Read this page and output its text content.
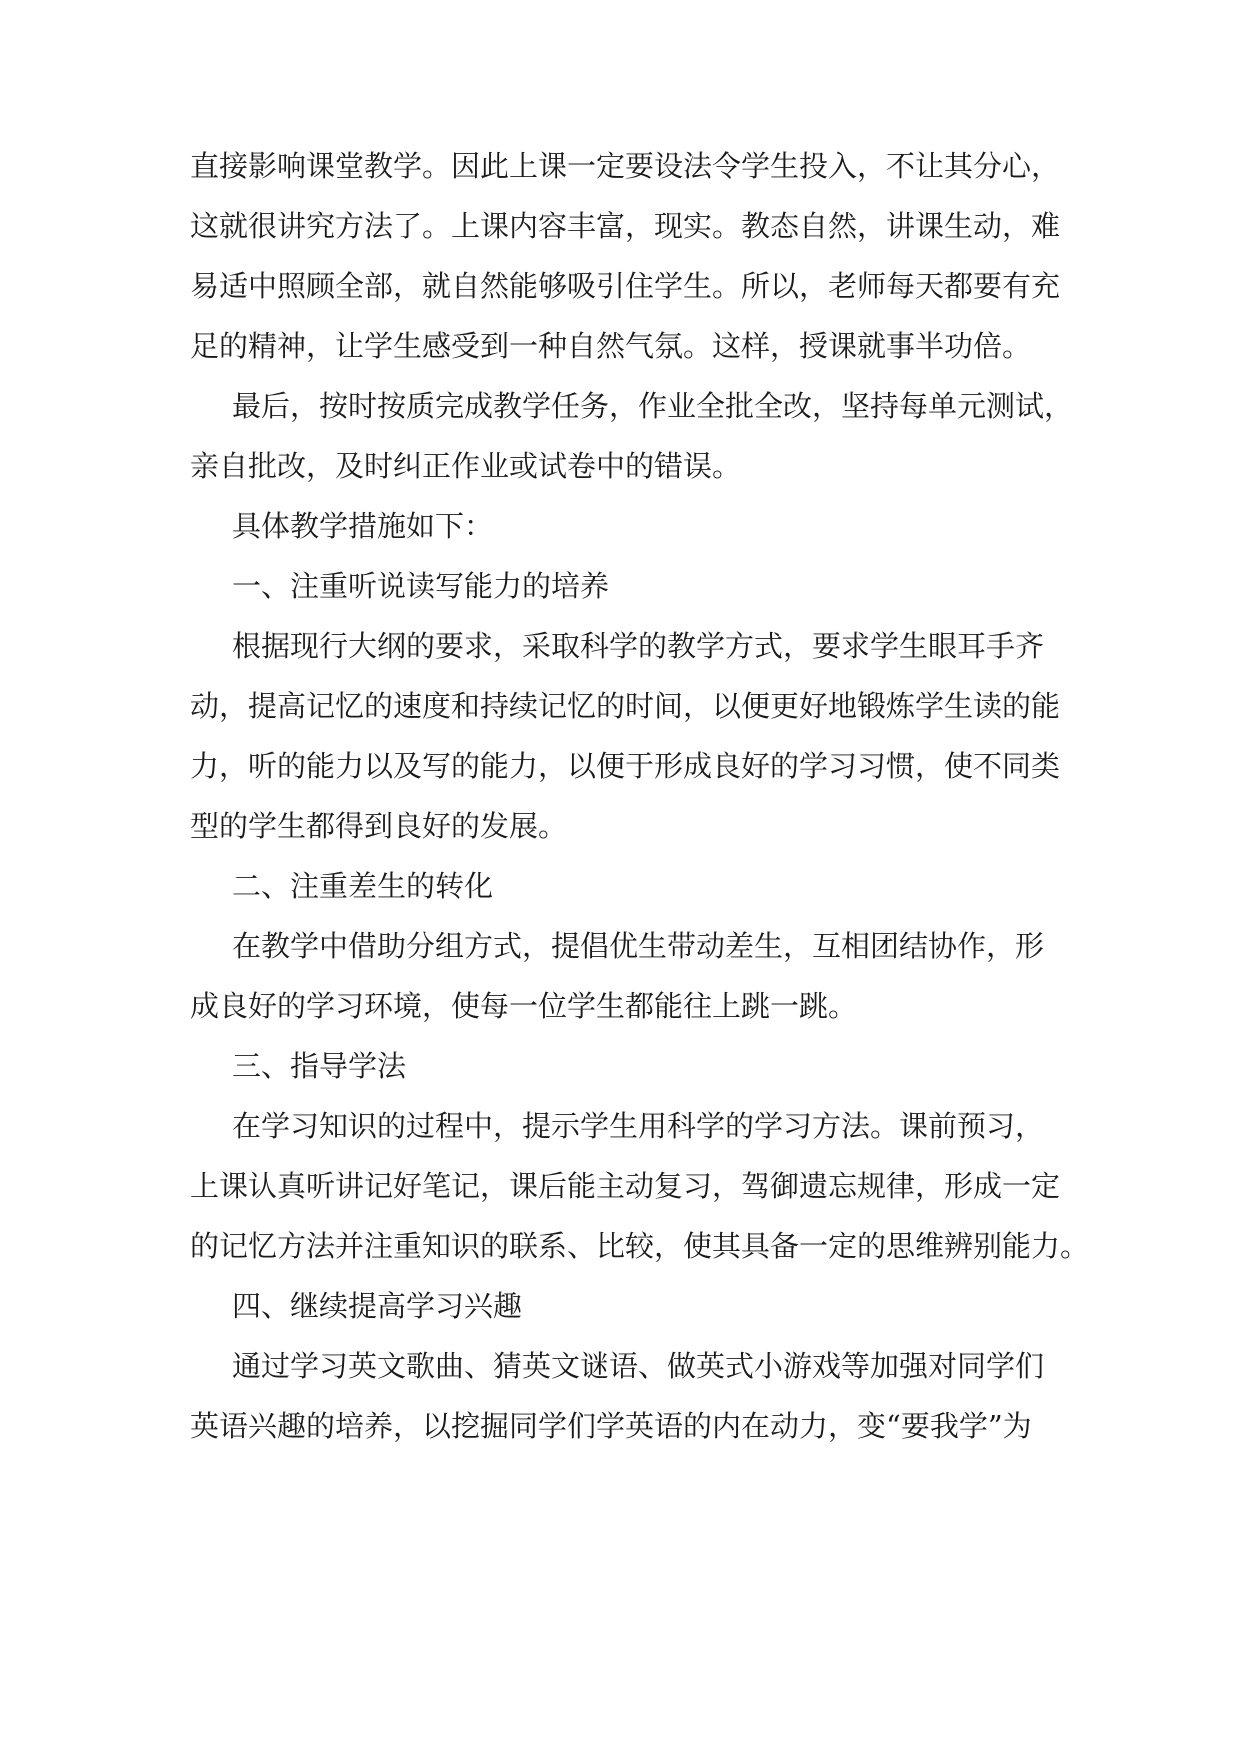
直接影响课堂教学。因此上课一定要设法令学生投入，不让其分心，
这就很讲究方法了。上课内容丰富，现实。教态自然，讲课生动，难
易适中照顾全部，就自然能够吸引住学生。所以，老师每天都要有充
足的精神，让学生感受到一种自然气氛。这样，授课就事半功倍。
最后，按时按质完成教学任务，作业全批全改，坚持每单元测试，
亲自批改，及时纠正作业或试卷中的错误。
具体教学措施如下：
一、注重听说读写能力的培养
根据现行大纲的要求，采取科学的教学方式，要求学生眼耳手齐
动，提高记忆的速度和持续记忆的时间，以便更好地锻炼学生读的能
力，听的能力以及写的能力，以便于形成良好的学习习惯，使不同类
型的学生都得到良好的发展。
二、注重差生的转化
在教学中借助分组方式，提倡优生带动差生，互相团结协作，形
成良好的学习环境，使每一位学生都能往上跳一跳。
三、指导学法
在学习知识的过程中，提示学生用科学的学习方法。课前预习，
上课认真听讲记好笔记，课后能主动复习，驾御遗忘规律，形成一定
的记忆方法并注重知识的联系、比较，使其具备一定的思维辨别能力。
四、继续提高学习兴趣
通过学习英文歌曲、猜英文谜语、做英式小游戏等加强对同学们
英语兴趣的培养，以挖掘同学们学英语的内在动力，变“要我学”为
